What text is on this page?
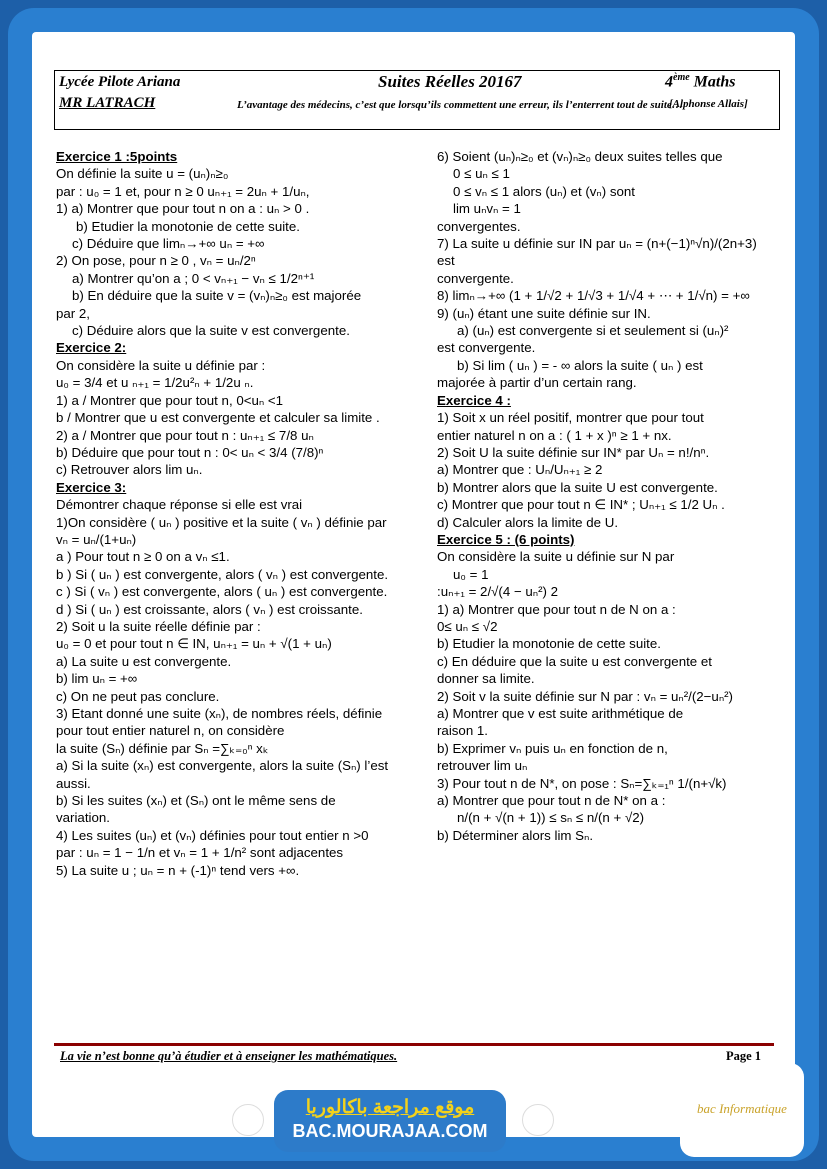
Lycée Pilote Ariana
MR LATRACH
Suites Réelles 20167	4ème Maths
L’avantage des médecins, c’est que lorsqu’ils commettent une erreur, ils l’enterrent tout de suite…
[Alphonse Allais]

Exercice 1 :5points

On définie la suite u = (uₙ)ₙ≥₀

par : u₀ = 1 et, pour n ≥ 0 uₙ₊₁ = 2uₙ + 1/uₙ,

1) a) Montrer que pour tout n on a : uₙ > 0 .

b) Etudier la monotonie de cette suite.

c) Déduire que limₙ→+∞ uₙ = +∞

2) On pose, pour n ≥ 0 , vₙ = uₙ/2ⁿ

a) Montrer qu’on a ; 0 < vₙ₊₁ − vₙ ≤ 1/2ⁿ⁺¹

b) En déduire que la suite v = (vₙ)ₙ≥₀ est majorée

par 2,

c) Déduire alors que la suite v est convergente.

Exercice 2:

On considère la suite u définie par :

u₀ = 3/4 et u ₙ₊₁ = 1/2u²ₙ + 1/2u ₙ.

1) a / Montrer que pour tout n, 0<uₙ <1

b / Montrer que u est convergente et calculer sa limite .

2) a / Montrer que pour tout n : uₙ₊₁ ≤ 7/8 uₙ

b) Déduire que pour tout n : 0< uₙ < 3/4 (7/8)ⁿ

c) Retrouver alors lim uₙ.

Exercice 3:

Démontrer chaque réponse si elle est vrai

1)On considère ( uₙ ) positive et la suite ( vₙ ) définie par

vₙ = uₙ/(1+uₙ)

a ) Pour tout n ≥ 0 on a vₙ ≤1.

b ) Si ( uₙ ) est convergente, alors ( vₙ ) est convergente.

c ) Si ( vₙ ) est convergente, alors ( uₙ ) est convergente.

d ) Si ( uₙ ) est croissante, alors ( vₙ ) est croissante.

2) Soit u la suite réelle définie par :

u₀ = 0 et pour tout n ∈ IN, uₙ₊₁ = uₙ + √(1 + uₙ)

a) La suite u est convergente.

b) lim uₙ = +∞

c) On ne peut pas conclure.

3) Etant donné une suite (xₙ), de nombres réels, définie

pour tout entier naturel n, on considère

la suite (Sₙ) définie par Sₙ =∑ₖ₌₀ⁿ xₖ

a) Si la suite (xₙ) est convergente, alors la suite (Sₙ) l’est

aussi.

b) Si les suites (xₙ) et (Sₙ) ont le même sens de

variation.

4) Les suites (uₙ) et (vₙ) définies pour tout entier n >0

par : uₙ = 1 − 1/n et vₙ = 1 + 1/n² sont adjacentes

5) La suite u ; uₙ = n + (-1)ⁿ tend vers +∞.

6) Soient (uₙ)ₙ≥₀ et (vₙ)ₙ≥₀ deux suites telles que

0 ≤ uₙ ≤ 1

0 ≤ vₙ ≤ 1 alors (uₙ) et (vₙ) sont

lim uₙvₙ = 1

convergentes.

7) La suite u définie sur IN par uₙ = (n+(−1)ⁿ√n)/(2n+3) est

convergente.

8) limₙ→+∞ (1 + 1/√2 + 1/√3 + 1/√4 + ⋯ + 1/√n) = +∞

9) (uₙ) étant une suite définie sur IN.

a) (uₙ) est convergente si et seulement si (uₙ)²

est convergente.

b) Si lim ( uₙ ) = - ∞ alors la suite ( uₙ ) est

majorée à partir d’un certain rang.

Exercice 4 :

1) Soit x un réel positif, montrer que pour tout

entier naturel n on a : ( 1 + x )ⁿ ≥ 1 + nx.

2) Soit U la suite définie sur IN* par Uₙ = n!/nⁿ.

a) Montrer que : Uₙ/Uₙ₊₁ ≥ 2

b) Montrer alors que la suite U est convergente.

c) Montrer que pour tout n ∈ IN* ; Uₙ₊₁ ≤ 1/2 Uₙ .

d) Calculer alors la limite de U.

Exercice 5 : (6 points)

On considère la suite u définie sur N par

u₀ = 1

:uₙ₊₁ = 2/√(4 − uₙ²) 2

1) a) Montrer que pour tout n de N on a :

0≤ uₙ ≤ √2

b) Etudier la monotonie de cette suite.

c) En déduire que la suite u est convergente et

donner sa limite.

2) Soit v la suite définie sur N par : vₙ = uₙ²/(2−uₙ²)

a) Montrer que v est suite arithmétique de

raison 1.

b) Exprimer vₙ puis uₙ en fonction de n,

retrouver lim uₙ

3) Pour tout n de N*, on pose : Sₙ=∑ₖ₌₁ⁿ 1/(n+√k)

a) Montrer que pour tout n de N* on a :

n/(n + √(n + 1)) ≤ sₙ ≤ n/(n + √2)

b) Déterminer alors lim Sₙ.

La vie n’est bonne qu’à étudier et à enseigner les mathématiques.	Page 1
موقع مراجعة باكالوريا
BAC.MOURAJAA.COM
bac Informatique
